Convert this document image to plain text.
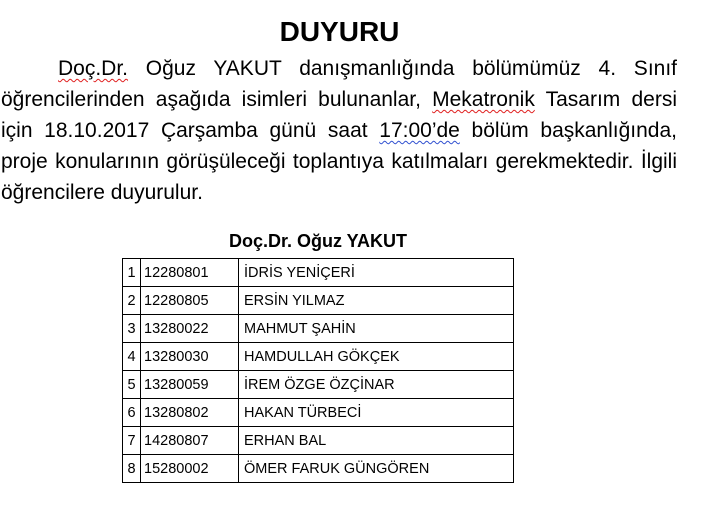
DUYURU
Doç.Dr. Oğuz YAKUT danışmanlığında bölümümüz 4. Sınıf öğrencilerinden aşağıda isimleri bulunanlar, Mekatronik Tasarım dersi için 18.10.2017 Çarşamba günü saat 17:00’de bölüm başkanlığında, proje konularının görüşüleceği toplantıya katılmaları gerekmektedir. İlgili öğrencilere duyurulur.
Doç.Dr. Oğuz YAKUT
1	12280801	İDRİS YENİÇERİ
2	12280805	ERSİN YILMAZ
3	13280022	MAHMUT ŞAHİN
4	13280030	HAMDULLAH GÖKÇEK
5	13280059	İREM ÖZGE ÖZÇİNAR
6	13280802	HAKAN TÜRBECİ
7	14280807	ERHAN BAL
8	15280002	ÖMER FARUK GÜNGÖREN
